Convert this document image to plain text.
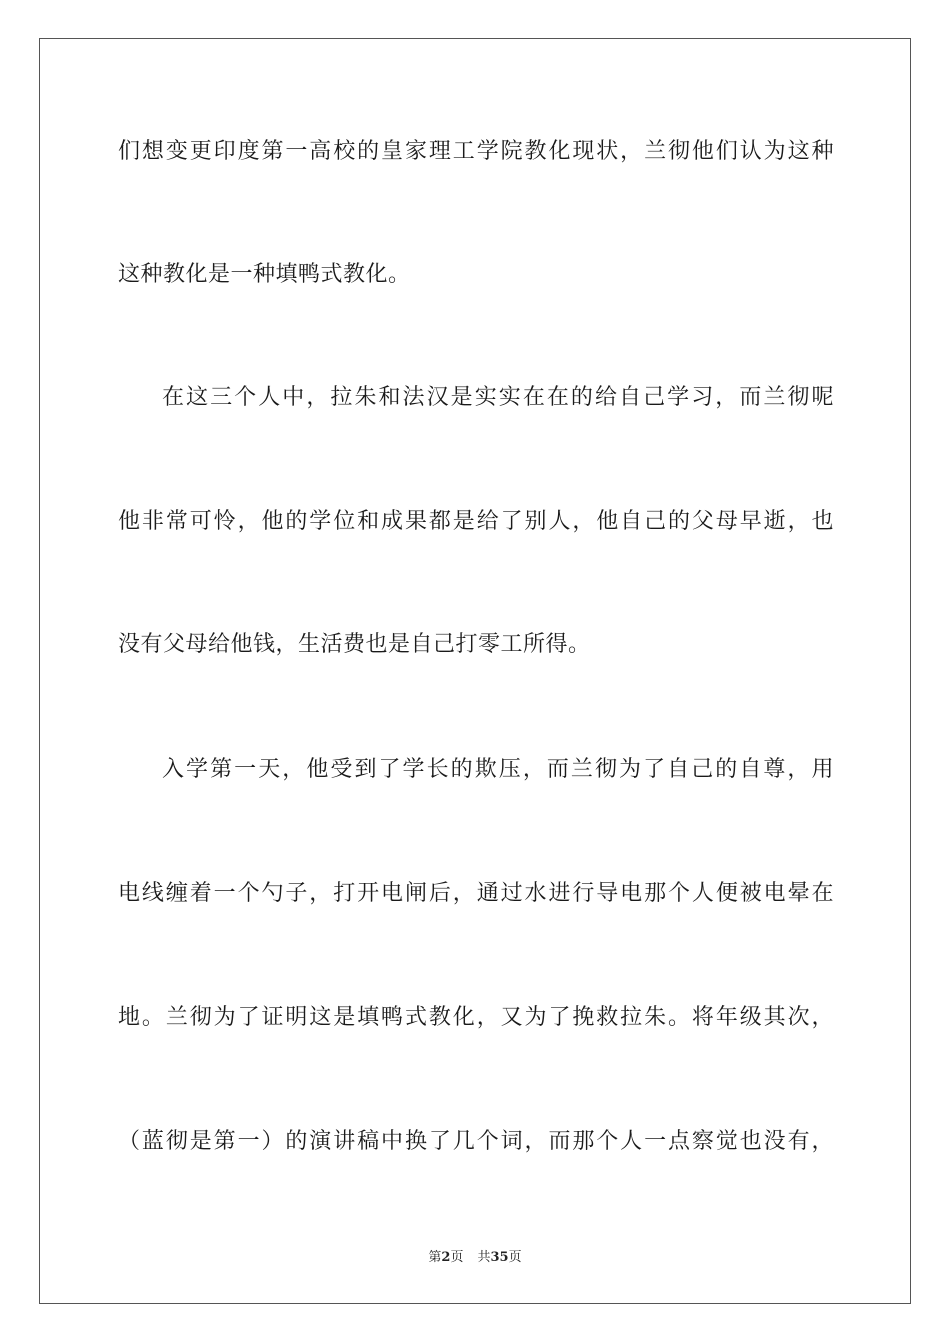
们想变更印度第一高校的皇家理工学院教化现状，兰彻他们认为这种

这种教化是一种填鸭式教化。

在这三个人中，拉朱和法汉是实实在在的给自己学习，而兰彻呢

他非常可怜，他的学位和成果都是给了别人，他自己的父母早逝，也

没有父母给他钱，生活费也是自己打零工所得。

入学第一天，他受到了学长的欺压，而兰彻为了自己的自尊，用

电线缠着一个勺子，打开电闸后，通过水进行导电那个人便被电晕在

地。兰彻为了证明这是填鸭式教化，又为了挽救拉朱。将年级其次，

（蓝彻是第一）的演讲稿中换了几个词，而那个人一点察觉也没有，

第2页 共35页
